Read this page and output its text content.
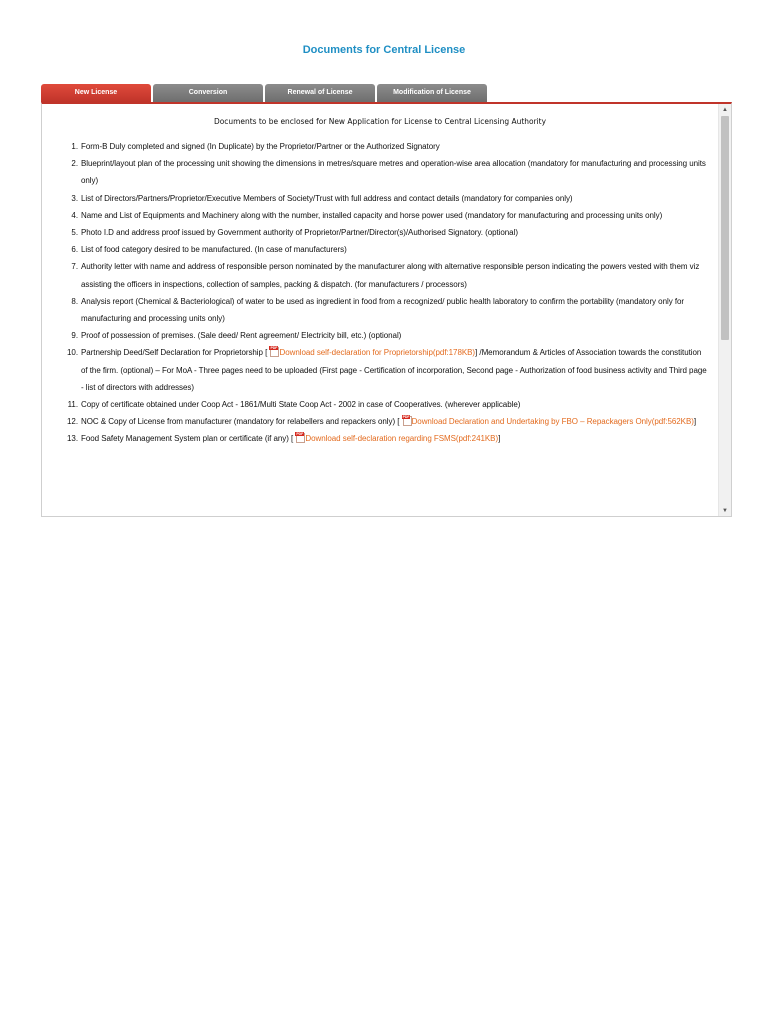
Documents for Central License
New License	Conversion	Renewal of License	Modification of License
Documents to be enclosed for New Application for License to Central Licensing Authority
1. Form-B Duly completed and signed (In Duplicate) by the Proprietor/Partner or the Authorized Signatory
2. Blueprint/layout plan of the processing unit showing the dimensions in metres/square metres and operation-wise area allocation (mandatory for manufacturing and processing units only)
3. List of Directors/Partners/Proprietor/Executive Members of Society/Trust with full address and contact details (mandatory for companies only)
4. Name and List of Equipments and Machinery along with the number, installed capacity and horse power used (mandatory for manufacturing and processing units only)
5. Photo I.D and address proof issued by Government authority of Proprietor/Partner/Director(s)/Authorised Signatory. (optional)
6. List of food category desired to be manufactured. (In case of manufacturers)
7. Authority letter with name and address of responsible person nominated by the manufacturer along with alternative responsible person indicating the powers vested with them viz assisting the officers in inspections, collection of samples, packing & dispatch. (for manufacturers / processors)
8. Analysis report (Chemical & Bacteriological) of water to be used as ingredient in food from a recognized/ public health laboratory to confirm the portability (mandatory only for manufacturing and processing units only)
9. Proof of possession of premises. (Sale deed/ Rent agreement/ Electricity bill, etc.) (optional)
10. Partnership Deed/Self Declaration for Proprietorship [ PDF Download self-declaration for Proprietorship(pdf:178KB)] /Memorandum & Articles of Association towards the constitution of the firm. (optional) – For MoA - Three pages need to be uploaded (First page - Certification of incorporation, Second page - Authorization of food business activity and Third page - list of directors with addresses)
11. Copy of certificate obtained under Coop Act - 1861/Multi State Coop Act - 2002 in case of Cooperatives. (wherever applicable)
12. NOC & Copy of License from manufacturer (mandatory for relabellers and repackers only) [ PDF Download Declaration and Undertaking by FBO – Repackagers Only(pdf:562KB)]
13. Food Safety Management System plan or certificate (if any) [ PDF Download self-declaration regarding FSMS(pdf:241KB)]
▲
▼
